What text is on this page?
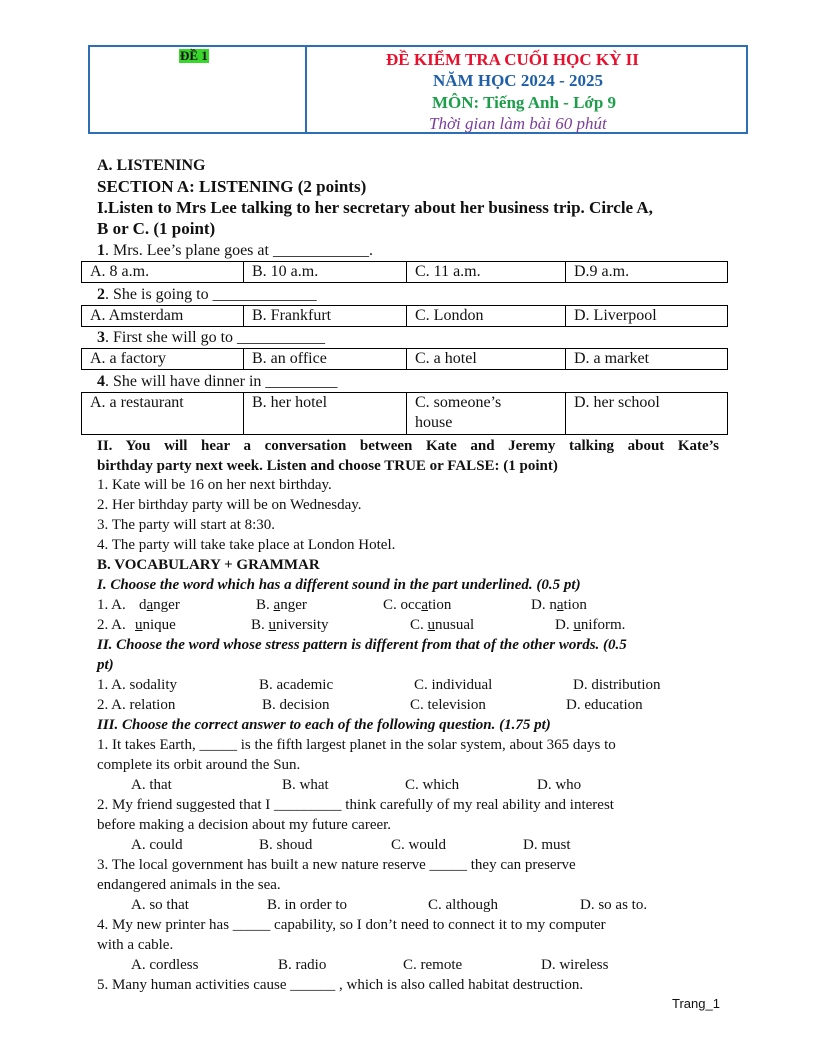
ĐỀ 1	ĐỀ KIỂM TRA CUỐI HỌC KỲ II
NĂM HỌC 2024 - 2025
MÔN: Tiếng Anh - Lớp 9
Thời gian làm bài 60 phút
A. LISTENING
SECTION A: LISTENING (2 points)
I.Listen to Mrs Lee talking to her secretary about her business trip. Circle A,
B or C. (1 point)
1. Mrs. Lee’s plane goes at ____________.
A. 8 a.m.	B. 10 a.m.	C. 11 a.m.	D.9 a.m.
2. She is going to _____________
A. Amsterdam	B. Frankfurt	C. London	D. Liverpool
3. First she will go to ___________
A. a factory	B. an office	C. a hotel	D. a market
4. She will have dinner in _________
A. a restaurant	B. her hotel	C. someone’s house	D. her school
II. You will hear a conversation between Kate and Jeremy talking about Kate’s
birthday party next week. Listen and choose TRUE or FALSE: (1 point)
1. Kate will be 16 on her next birthday.
2. Her birthday party will be on Wednesday.
3. The party will start at 8:30.
4. The party will take take place at London Hotel.
B. VOCABULARY + GRAMMAR
I. Choose the word which has a different sound in the part underlined. (0.5 pt)
1. A. danger	B. anger	C. occation	D. nation
2. A. unique	B. university	C. unusual	D. uniform.
II. Choose the word whose stress pattern is different from that of the other words. (0.5
pt)
1. A. sodality	B. academic	C. individual	D. distribution
2. A. relation	B. decision	C. television	D. education
III. Choose the correct answer to each of the following question. (1.75 pt)
1. It takes Earth, _____ is the fifth largest planet in the solar system, about 365 days to
complete its orbit around the Sun.
A. that	B. what	C. which	D. who
2. My friend suggested that I _________ think carefully of my real ability and interest
before making a decision about my future career.
A. could	B. shoud	C. would	D. must
3. The local government has built a new nature reserve _____ they can preserve
endangered animals in the sea.
A. so that	B. in order to	C. although	D. so as to.
4. My new printer has _____ capability, so I don’t need to connect it to my computer
with a cable.
A. cordless	B. radio	C. remote	D. wireless
5. Many human activities cause ______ , which is also called habitat destruction.
Trang_1
